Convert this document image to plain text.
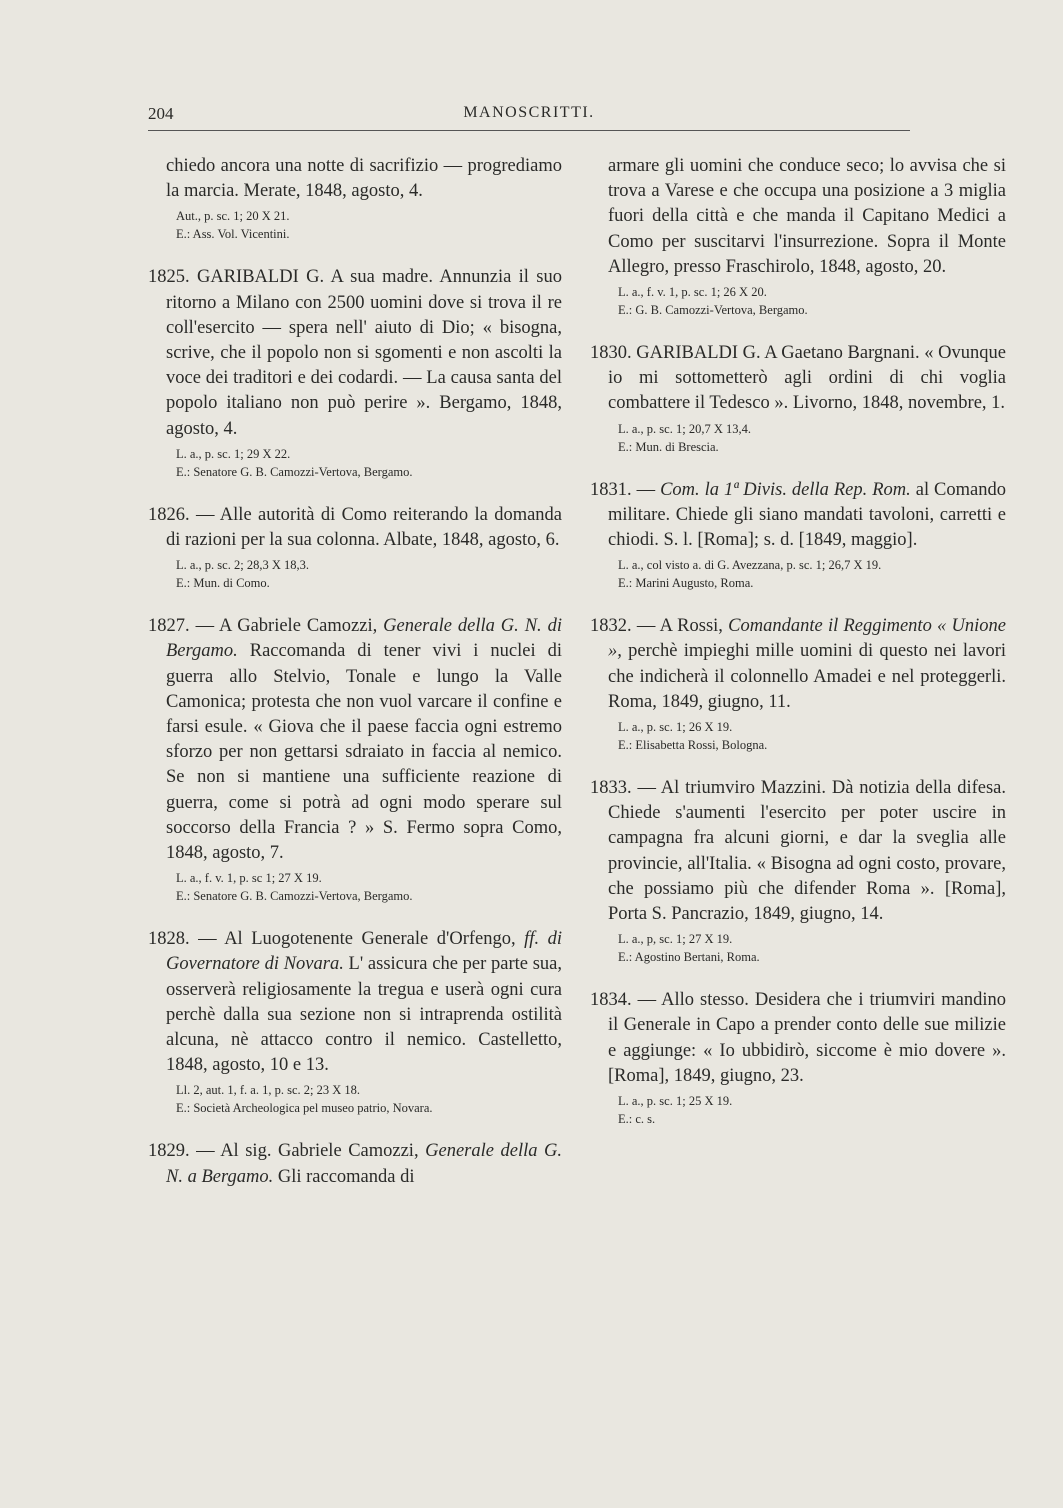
204	MANOSCRITTI.

chiedo ancora una notte di sacrifizio — progrediamo la marcia. Merate, 1848, agosto, 4.

Aut., p. sc. 1; 20 X 21.

E.: Ass. Vol. Vicentini.

1825. GARIBALDI G. A sua madre. Annunzia il suo ritorno a Milano con 2500 uomini dove si trova il re coll'esercito — spera nell' aiuto di Dio; « bisogna, scrive, che il popolo non si sgomenti e non ascolti la voce dei traditori e dei codardi. — La causa santa del popolo italiano non può perire ». Bergamo, 1848, agosto, 4.

L. a., p. sc. 1; 29 X 22.

E.: Senatore G. B. Camozzi-Vertova, Bergamo.

1826. — Alle autorità di Como reiterando la domanda di razioni per la sua colonna. Albate, 1848, agosto, 6.

L. a., p. sc. 2; 28,3 X 18,3.

E.: Mun. di Como.

1827. — A Gabriele Camozzi, Generale della G. N. di Bergamo. Raccomanda di tener vivi i nuclei di guerra allo Stelvio, Tonale e lungo la Valle Camonica; protesta che non vuol varcare il confine e farsi esule. « Giova che il paese faccia ogni estremo sforzo per non gettarsi sdraiato in faccia al nemico. Se non si mantiene una sufficiente reazione di guerra, come si potrà ad ogni modo sperare sul soccorso della Francia ? » S. Fermo sopra Como, 1848, agosto, 7.

L. a., f. v. 1, p. sc 1; 27 X 19.

E.: Senatore G. B. Camozzi-Vertova, Bergamo.

1828. — Al Luogotenente Generale d'Orfengo, ff. di Governatore di Novara. L' assicura che per parte sua, osserverà religiosamente la tregua e userà ogni cura perchè dalla sua sezione non si intraprenda ostilità alcuna, nè attacco contro il nemico. Castelletto, 1848, agosto, 10 e 13.

Ll. 2, aut. 1, f. a. 1, p. sc. 2; 23 X 18.

E.: Società Archeologica pel museo patrio, Novara.

1829. — Al sig. Gabriele Camozzi, Generale della G. N. a Bergamo. Gli raccomanda di

armare gli uomini che conduce seco; lo avvisa che si trova a Varese e che occupa una posizione a 3 miglia fuori della città e che manda il Capitano Medici a Como per suscitarvi l'insurrezione. Sopra il Monte Allegro, presso Fraschirolo, 1848, agosto, 20.

L. a., f. v. 1, p. sc. 1; 26 X 20.

E.: G. B. Camozzi-Vertova, Bergamo.

1830. GARIBALDI G. A Gaetano Bargnani. « Ovunque io mi sottometterò agli ordini di chi voglia combattere il Tedesco ». Livorno, 1848, novembre, 1.

L. a., p. sc. 1; 20,7 X 13,4.

E.: Mun. di Brescia.

1831. — Com. la 1ª Divis. della Rep. Rom. al Comando militare. Chiede gli siano mandati tavoloni, carretti e chiodi. S. l. [Roma]; s. d. [1849, maggio].

L. a., col visto a. di G. Avezzana, p. sc. 1; 26,7 X 19.

E.: Marini Augusto, Roma.

1832. — A Rossi, Comandante il Reggimento « Unione », perchè impieghi mille uomini di questo nei lavori che indicherà il colonnello Amadei e nel proteggerli. Roma, 1849, giugno, 11.

L. a., p. sc. 1; 26 X 19.

E.: Elisabetta Rossi, Bologna.

1833. — Al triumviro Mazzini. Dà notizia della difesa. Chiede s'aumenti l'esercito per poter uscire in campagna fra alcuni giorni, e dar la sveglia alle provincie, all'Italia. « Bisogna ad ogni costo, provare, che possiamo più che difender Roma ». [Roma], Porta S. Pancrazio, 1849, giugno, 14.

L. a., p, sc. 1; 27 X 19.

E.: Agostino Bertani, Roma.

1834. — Allo stesso. Desidera che i triumviri mandino il Generale in Capo a prender conto delle sue milizie e aggiunge: « Io ubbidirò, siccome è mio dovere ». [Roma], 1849, giugno, 23.

L. a., p. sc. 1; 25 X 19.

E.: c. s.
